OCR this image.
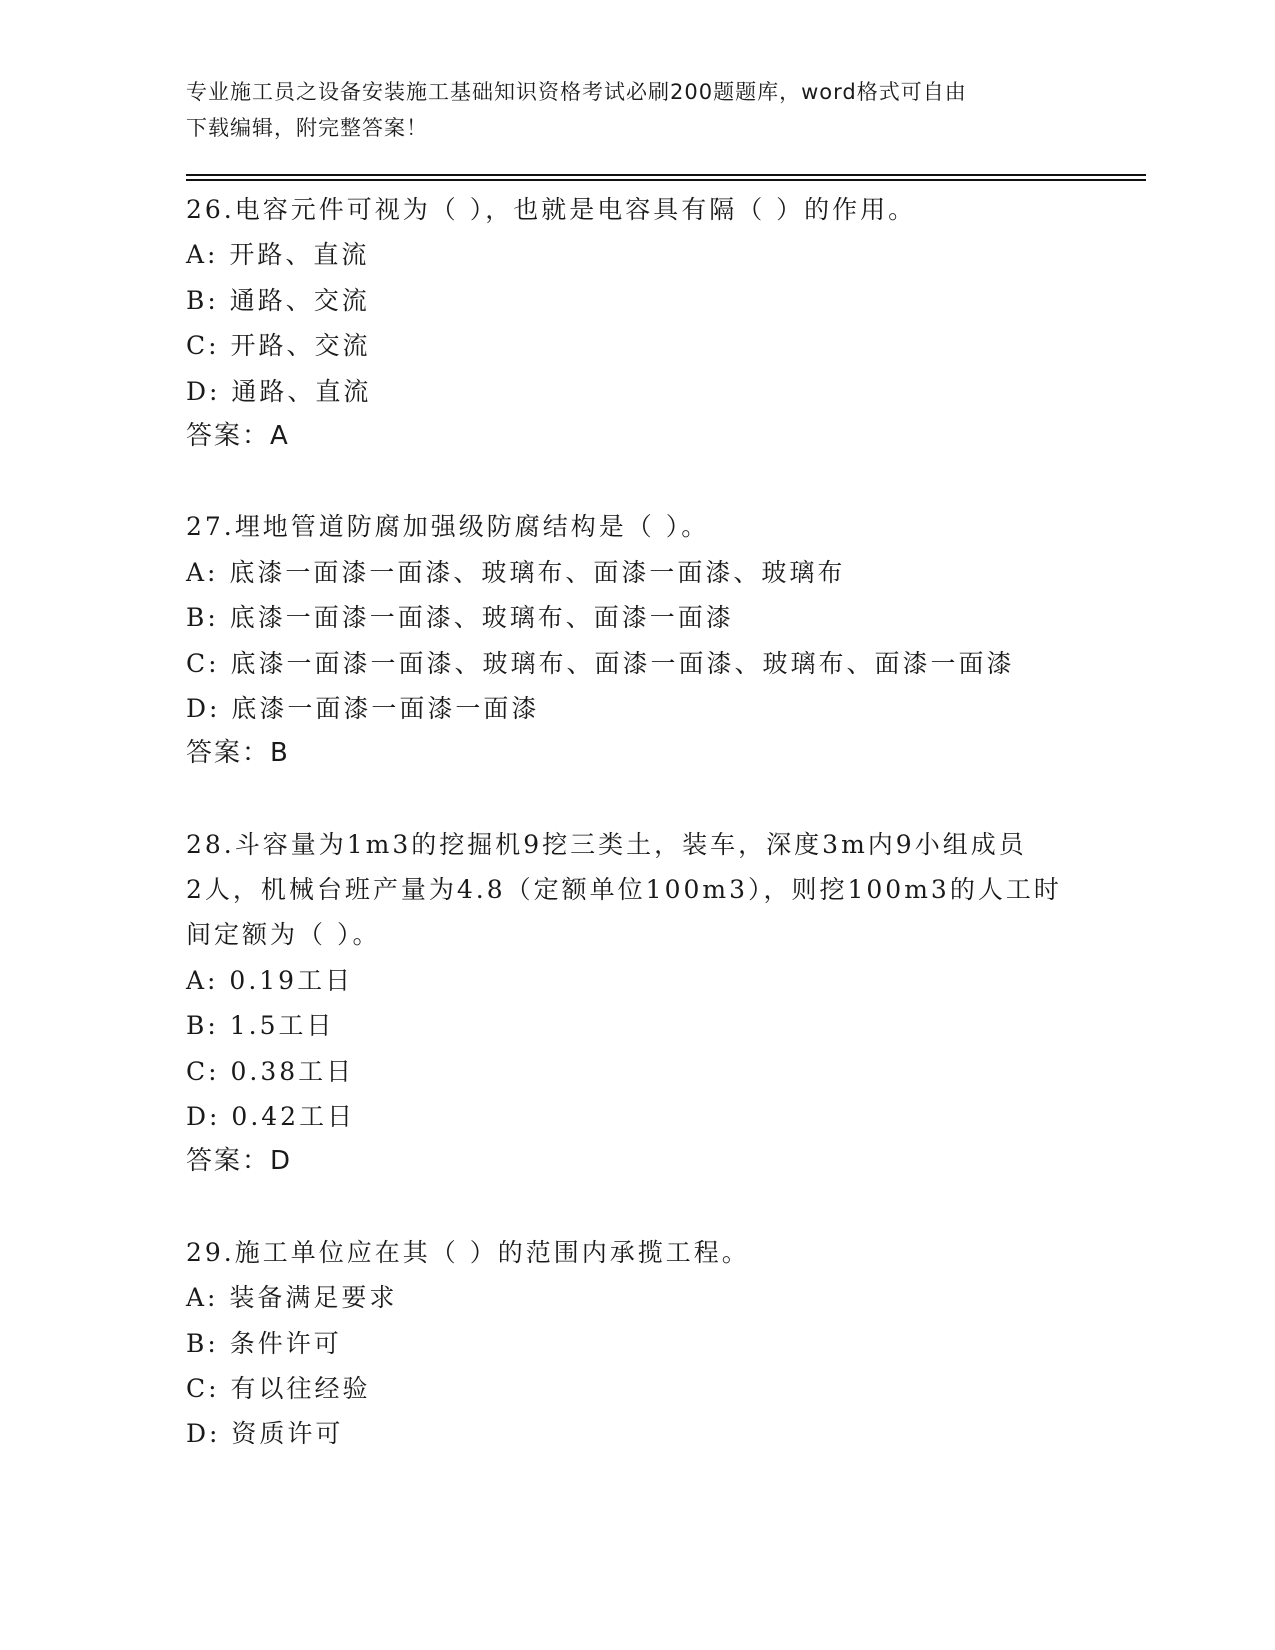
专业施工员之设备安装施工基础知识资格考试必刷200题题库，word格式可自由
下载编辑，附完整答案！
26.电容元件可视为（ ），也就是电容具有隔（ ）的作用。
A: 开路、直流
B: 通路、交流
C: 开路、交流
D: 通路、直流
答案：A
27.埋地管道防腐加强级防腐结构是（ ）。
A: 底漆一面漆一面漆、玻璃布、面漆一面漆、玻璃布
B: 底漆一面漆一面漆、玻璃布、面漆一面漆
C: 底漆一面漆一面漆、玻璃布、面漆一面漆、玻璃布、面漆一面漆
D: 底漆一面漆一面漆一面漆
答案：B
28.斗容量为1m3的挖掘机9挖三类土，装车，深度3m内9小组成员
2人，机械台班产量为4.8（定额单位100m3），则挖100m3的人工时
间定额为（ ）。
A: 0.19工日
B: 1.5工日
C: 0.38工日
D: 0.42工日
答案：D
29.施工单位应在其（ ）的范围内承揽工程。
A: 装备满足要求
B: 条件许可
C: 有以往经验
D: 资质许可
